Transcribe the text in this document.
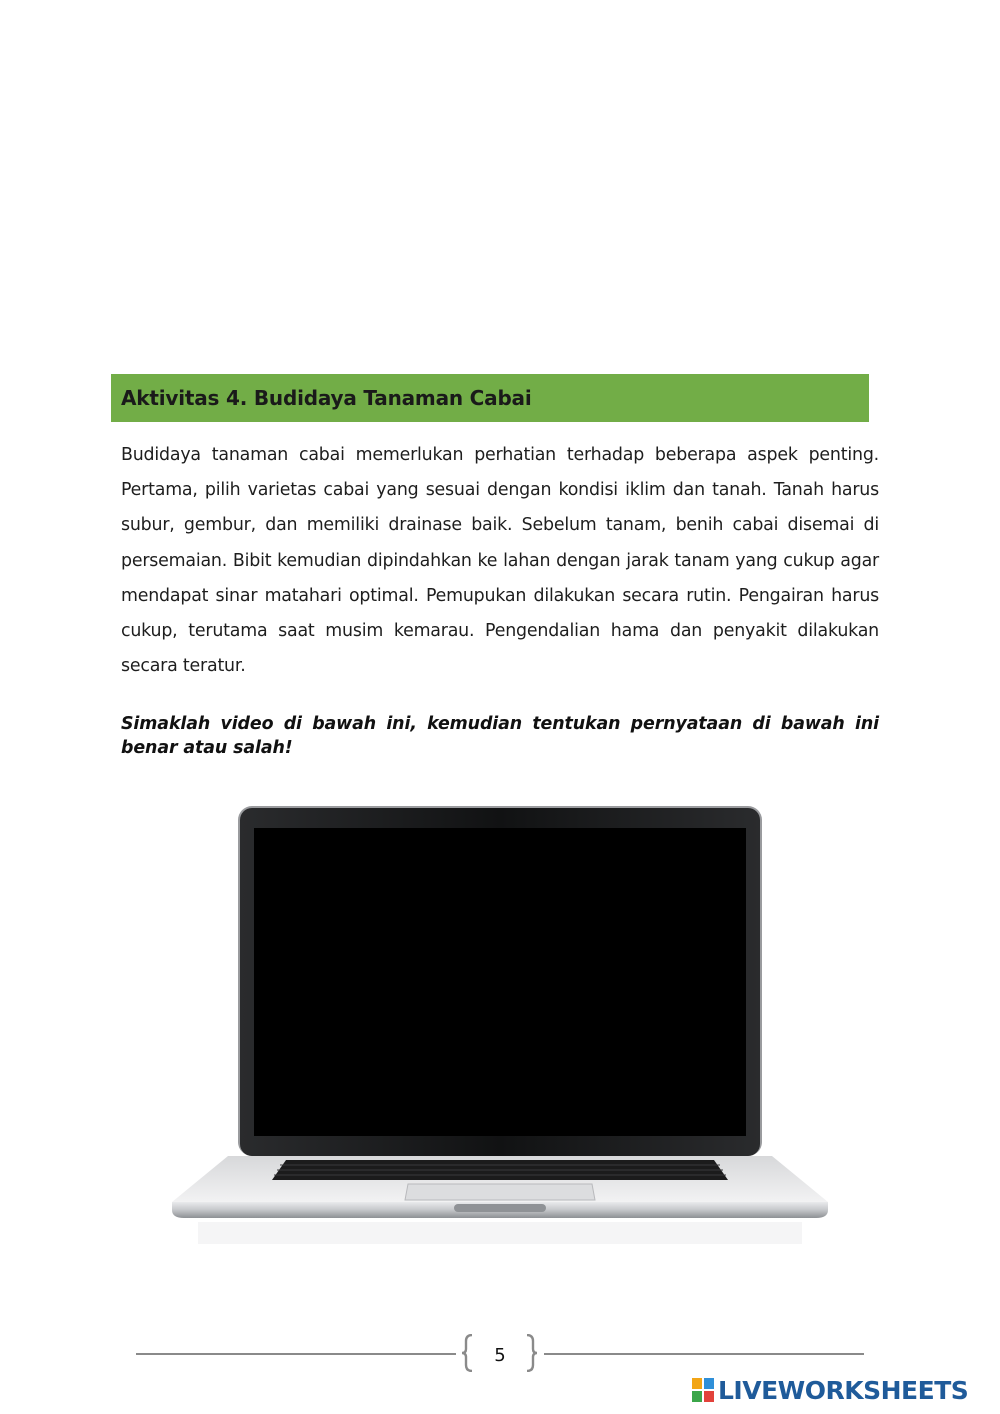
Aktivitas 4. Budidaya Tanaman Cabai

Budidaya tanaman cabai memerlukan perhatian terhadap beberapa aspek penting. Pertama, pilih varietas cabai yang sesuai dengan kondisi iklim dan tanah. Tanah harus subur, gembur, dan memiliki drainase baik. Sebelum tanam, benih cabai disemai di persemaian. Bibit kemudian dipindahkan ke lahan dengan jarak tanam yang cukup agar mendapat sinar matahari optimal. Pemupukan dilakukan secara rutin. Pengairan harus cukup, terutama saat musim kemarau. Pengendalian hama dan penyakit dilakukan secara teratur.

Simaklah video di bawah ini, kemudian tentukan pernyataan di bawah ini benar atau salah!

5
LIVEWORKSHEETS
